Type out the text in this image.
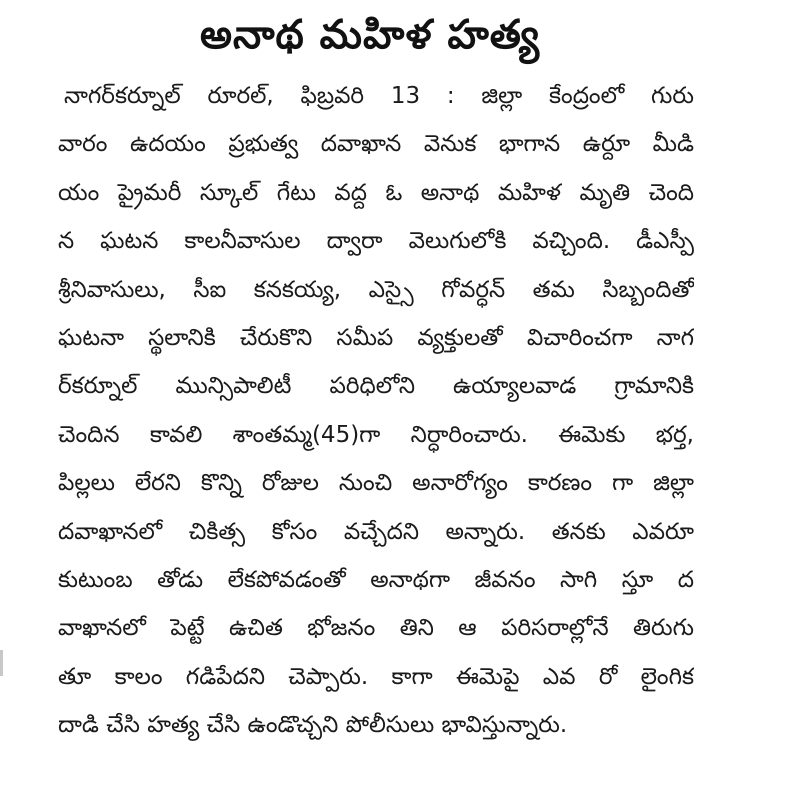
అనాథ మహిళ హత్య
నాగర్‌కర్నూల్ రూరల్, ఫిబ్రవరి 13 : జిల్లా కేంద్రంలో గురు
వారం ఉదయం ప్రభుత్వ దవాఖాన వెనుక భాగాన ఉర్దూ మీడి
యం ప్రైమరీ స్కూల్ గేటు వద్ద ఓ అనాథ మహిళ మృతి చెంది
న ఘటన కాలనీవాసుల ద్వారా వెలుగులోకి వచ్చింది. డీఎస్పీ
శ్రీనివాసులు, సీఐ కనకయ్య, ఎస్సై గోవర్ధన్ తమ సిబ్బందితో
ఘటనా స్థలానికి చేరుకొని సమీప వ్యక్తులతో విచారించగా నాగ
ర్‌కర్నూల్ మున్సిపాలిటీ పరిధిలోని ఉయ్యాలవాడ గ్రామానికి
చెందిన కావలి శాంతమ్మ(45)గా నిర్ధారించారు. ఈమెకు భర్త,
పిల్లలు లేరని కొన్ని రోజుల నుంచి అనారోగ్యం కారణం గా జిల్లా
దవాఖానలో చికిత్స కోసం వచ్చేదని అన్నారు. తనకు ఎవరూ
కుటుంబ తోడు లేకపోవడంతో అనాథగా జీవనం సాగి స్తూ ద
వాఖానలో పెట్టే ఉచిత భోజనం తిని ఆ పరిసరాల్లోనే తిరుగు
తూ కాలం గడిపేదని చెప్పారు. కాగా ఈమెపై ఎవ రో లైంగిక
దాడి చేసి హత్య చేసి ఉండొచ్చని పోలీసులు భావిస్తున్నారు.
